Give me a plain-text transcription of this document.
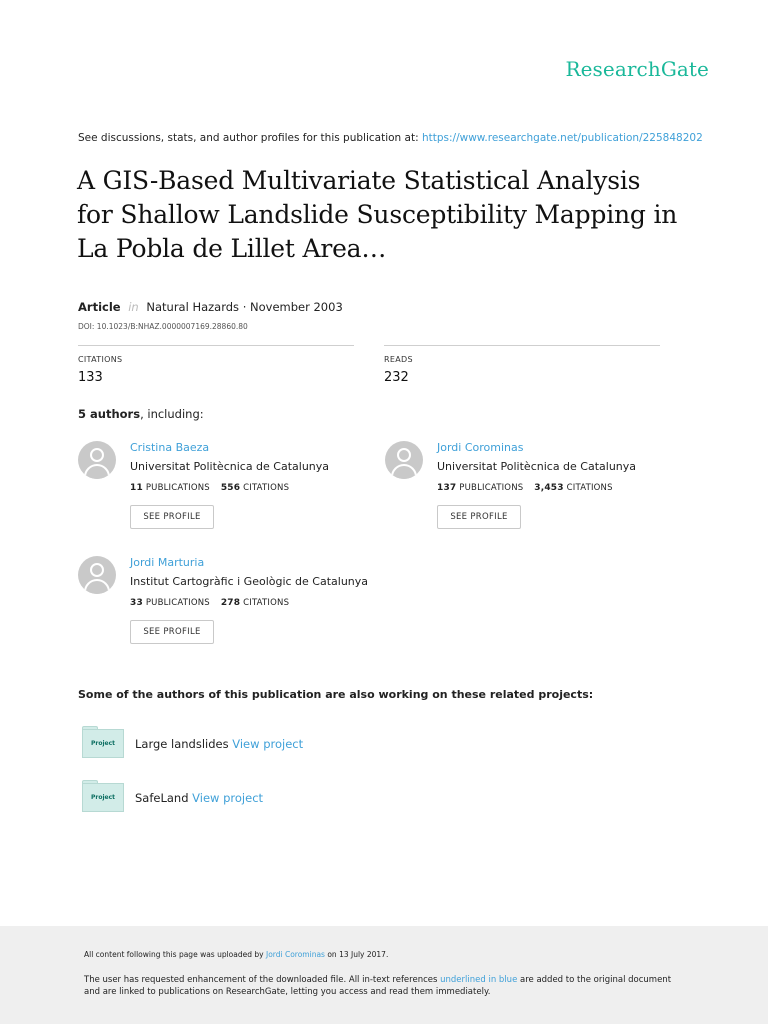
ResearchGate
See discussions, stats, and author profiles for this publication at: https://www.researchgate.net/publication/225848202
A GIS-Based Multivariate Statistical Analysis
for Shallow Landslide Susceptibility Mapping in
La Pobla de Lillet Area…
Article in Natural Hazards · November 2003
DOI: 10.1023/B:NHAZ.0000007169.28860.80
CITATIONS
133
READS
232
5 authors, including:
Cristina Baeza
Universitat Politècnica de Catalunya
11 PUBLICATIONS 556 CITATIONS
SEE PROFILE
Jordi Corominas
Universitat Politècnica de Catalunya
137 PUBLICATIONS 3,453 CITATIONS
SEE PROFILE
Jordi Marturia
Institut Cartogràfic i Geològic de Catalunya
33 PUBLICATIONS 278 CITATIONS
SEE PROFILE
Some of the authors of this publication are also working on these related projects:
Project	Large landslides View project
Project	SafeLand View project
All content following this page was uploaded by Jordi Corominas on 13 July 2017.
The user has requested enhancement of the downloaded file. All in-text references underlined in blue are added to the original document and are linked to publications on ResearchGate, letting you access and read them immediately.
